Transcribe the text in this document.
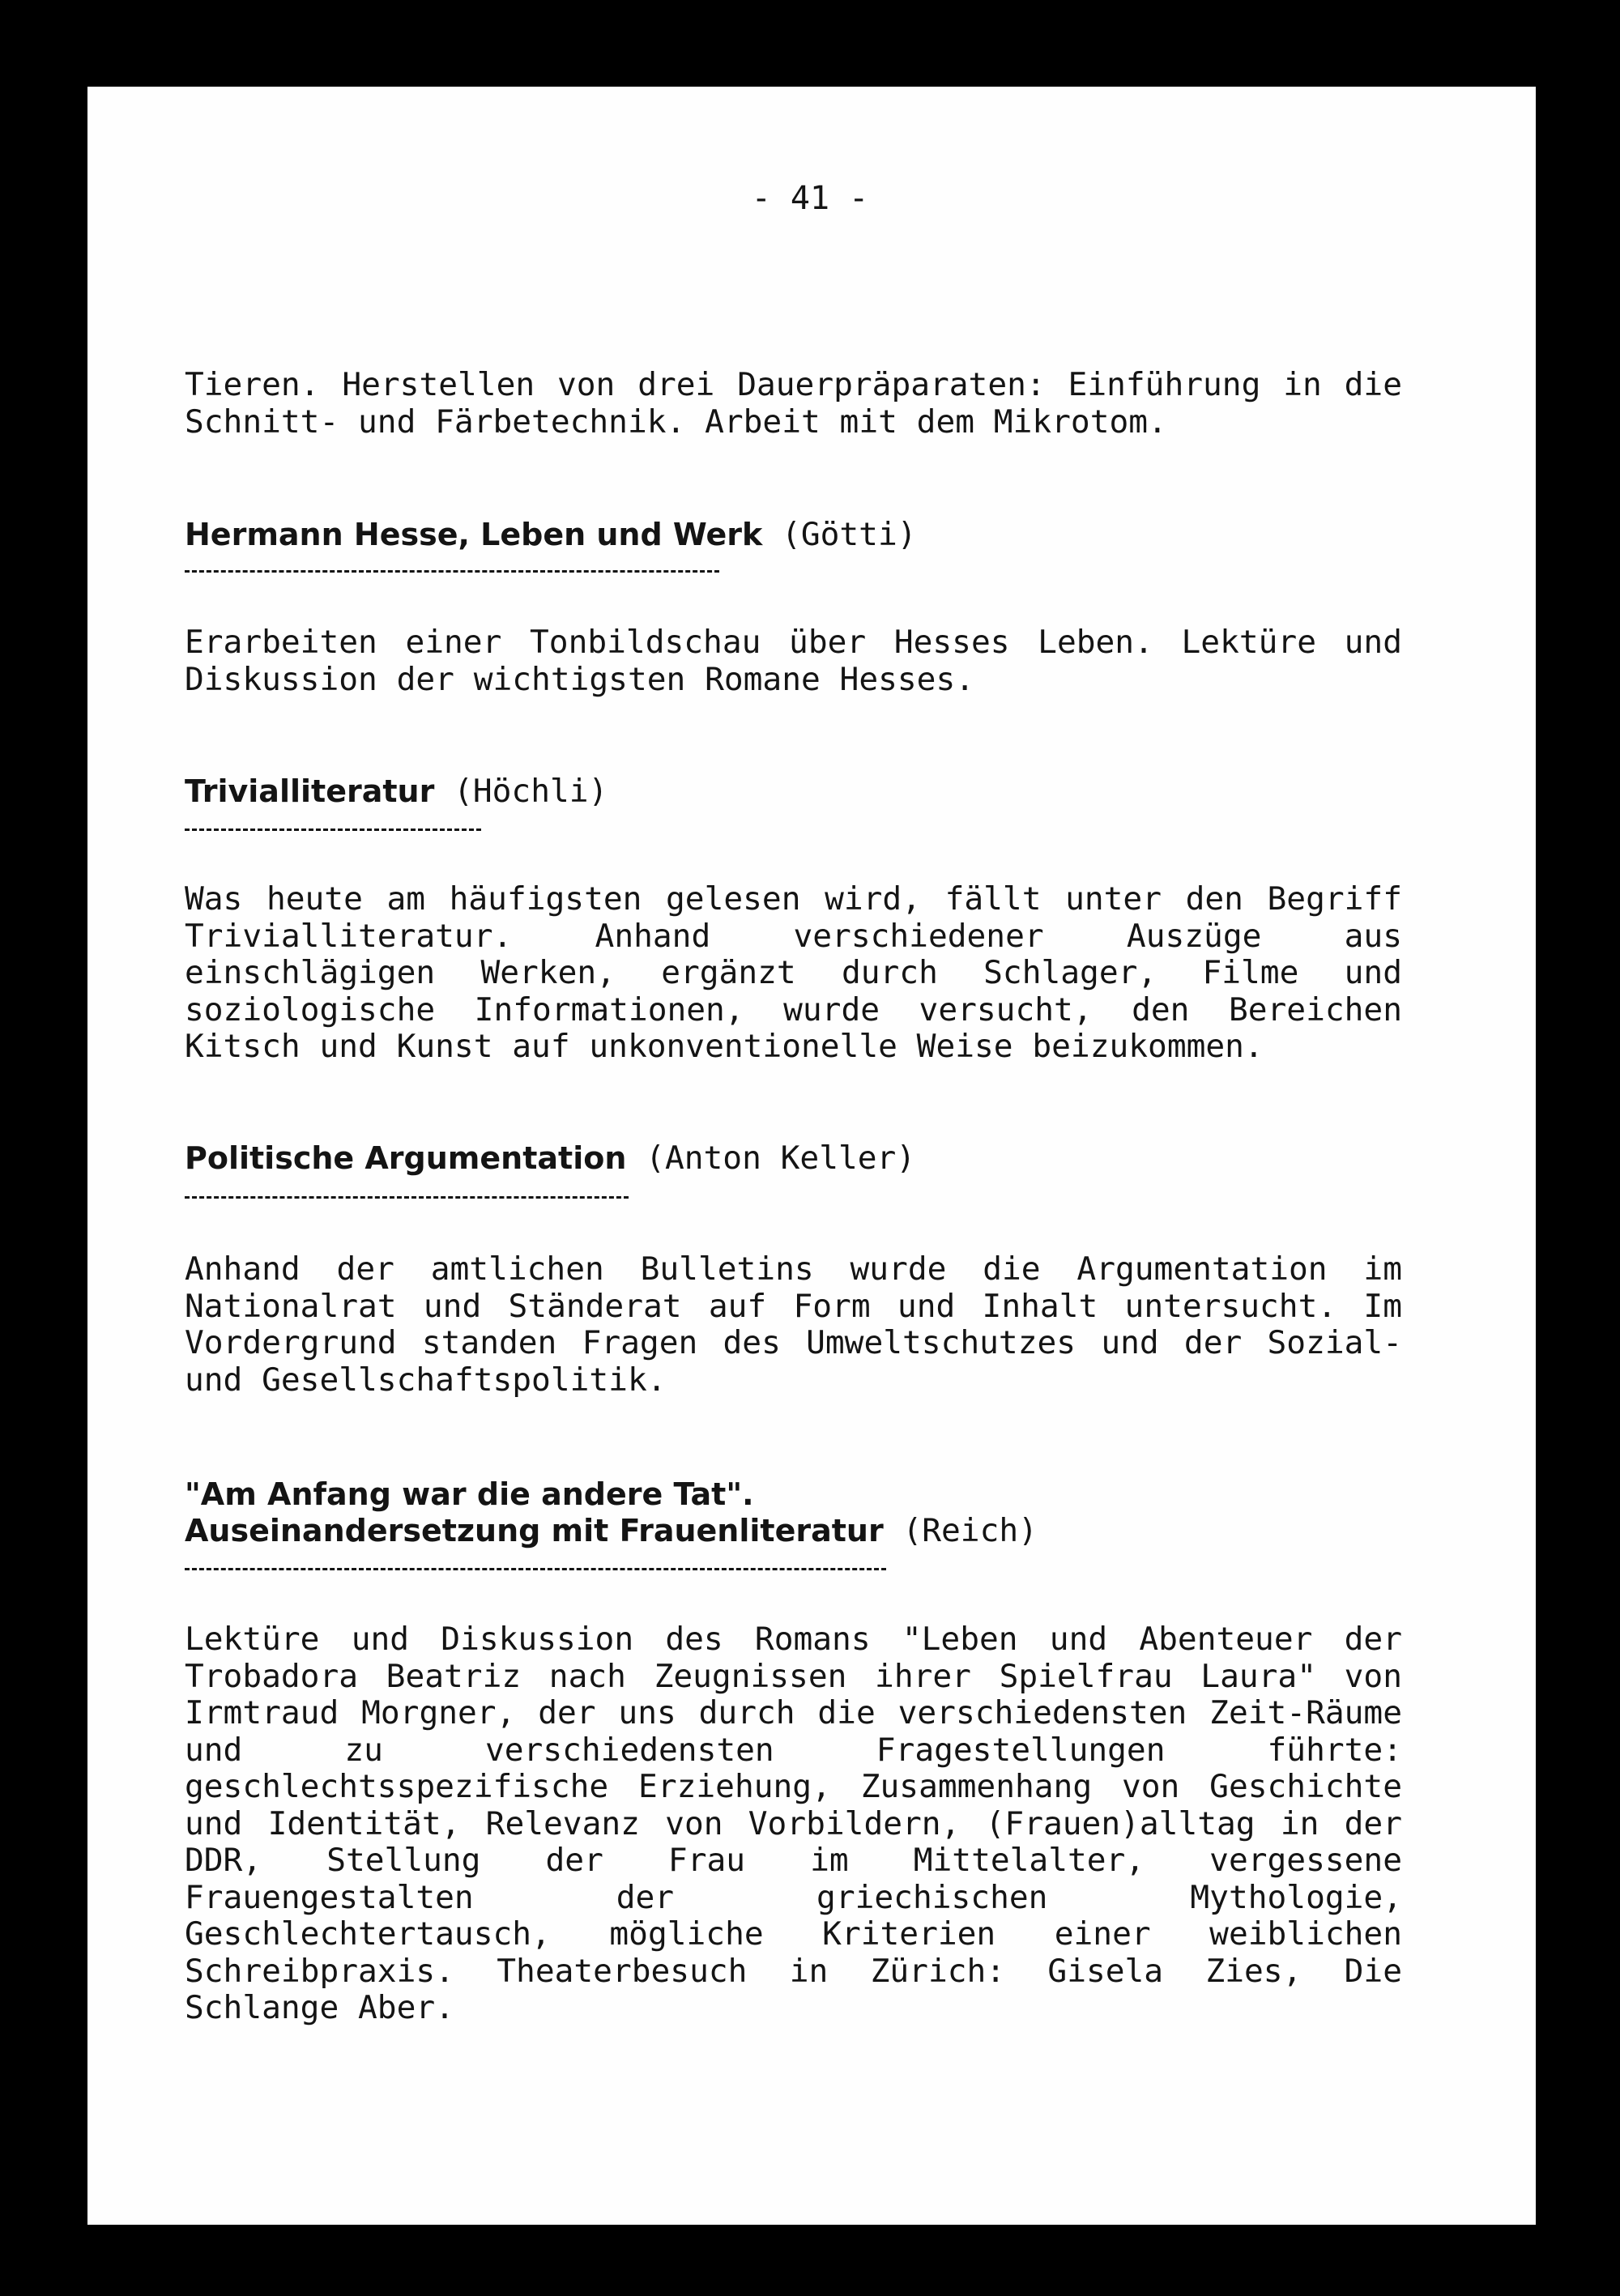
- 41 -

Tieren. Herstellen von drei Dauerpräparaten: Einführung in die Schnitt- und Färbetechnik. Arbeit mit dem Mikrotom.

Hermann Hesse, Leben und Werk (Götti)

Erarbeiten einer Tonbildschau über Hesses Leben. Lektüre und Diskussion der wichtigsten Romane Hesses.

Trivialliteratur (Höchli)

Was heute am häufigsten gelesen wird, fällt unter den Begriff Trivialliteratur. Anhand verschiedener Auszüge aus einschlägigen Werken, ergänzt durch Schlager, Filme und soziologische Informationen, wurde versucht, den Bereichen Kitsch und Kunst auf unkonventionelle Weise beizukommen.

Politische Argumentation (Anton Keller)

Anhand der amtlichen Bulletins wurde die Argumentation im Nationalrat und Ständerat auf Form und Inhalt untersucht. Im Vordergrund standen Fragen des Umweltschutzes und der Sozial- und Gesellschaftspolitik.

"Am Anfang war die andere Tat".
Auseinandersetzung mit Frauenliteratur (Reich)

Lektüre und Diskussion des Romans "Leben und Abenteuer der Trobadora Beatriz nach Zeugnissen ihrer Spielfrau Laura" von Irmtraud Morgner, der uns durch die verschiedensten Zeit-Räume und zu verschiedensten Fragestellungen führte: geschlechtsspezifische Erziehung, Zusammenhang von Geschichte und Identität, Relevanz von Vorbildern, (Frauen)alltag in der DDR, Stellung der Frau im Mittelalter, vergessene Frauengestalten der griechischen Mythologie, Geschlechtertausch, mögliche Kriterien einer weiblichen Schreibpraxis. Theaterbesuch in Zürich: Gisela Zies, Die Schlange Aber.
